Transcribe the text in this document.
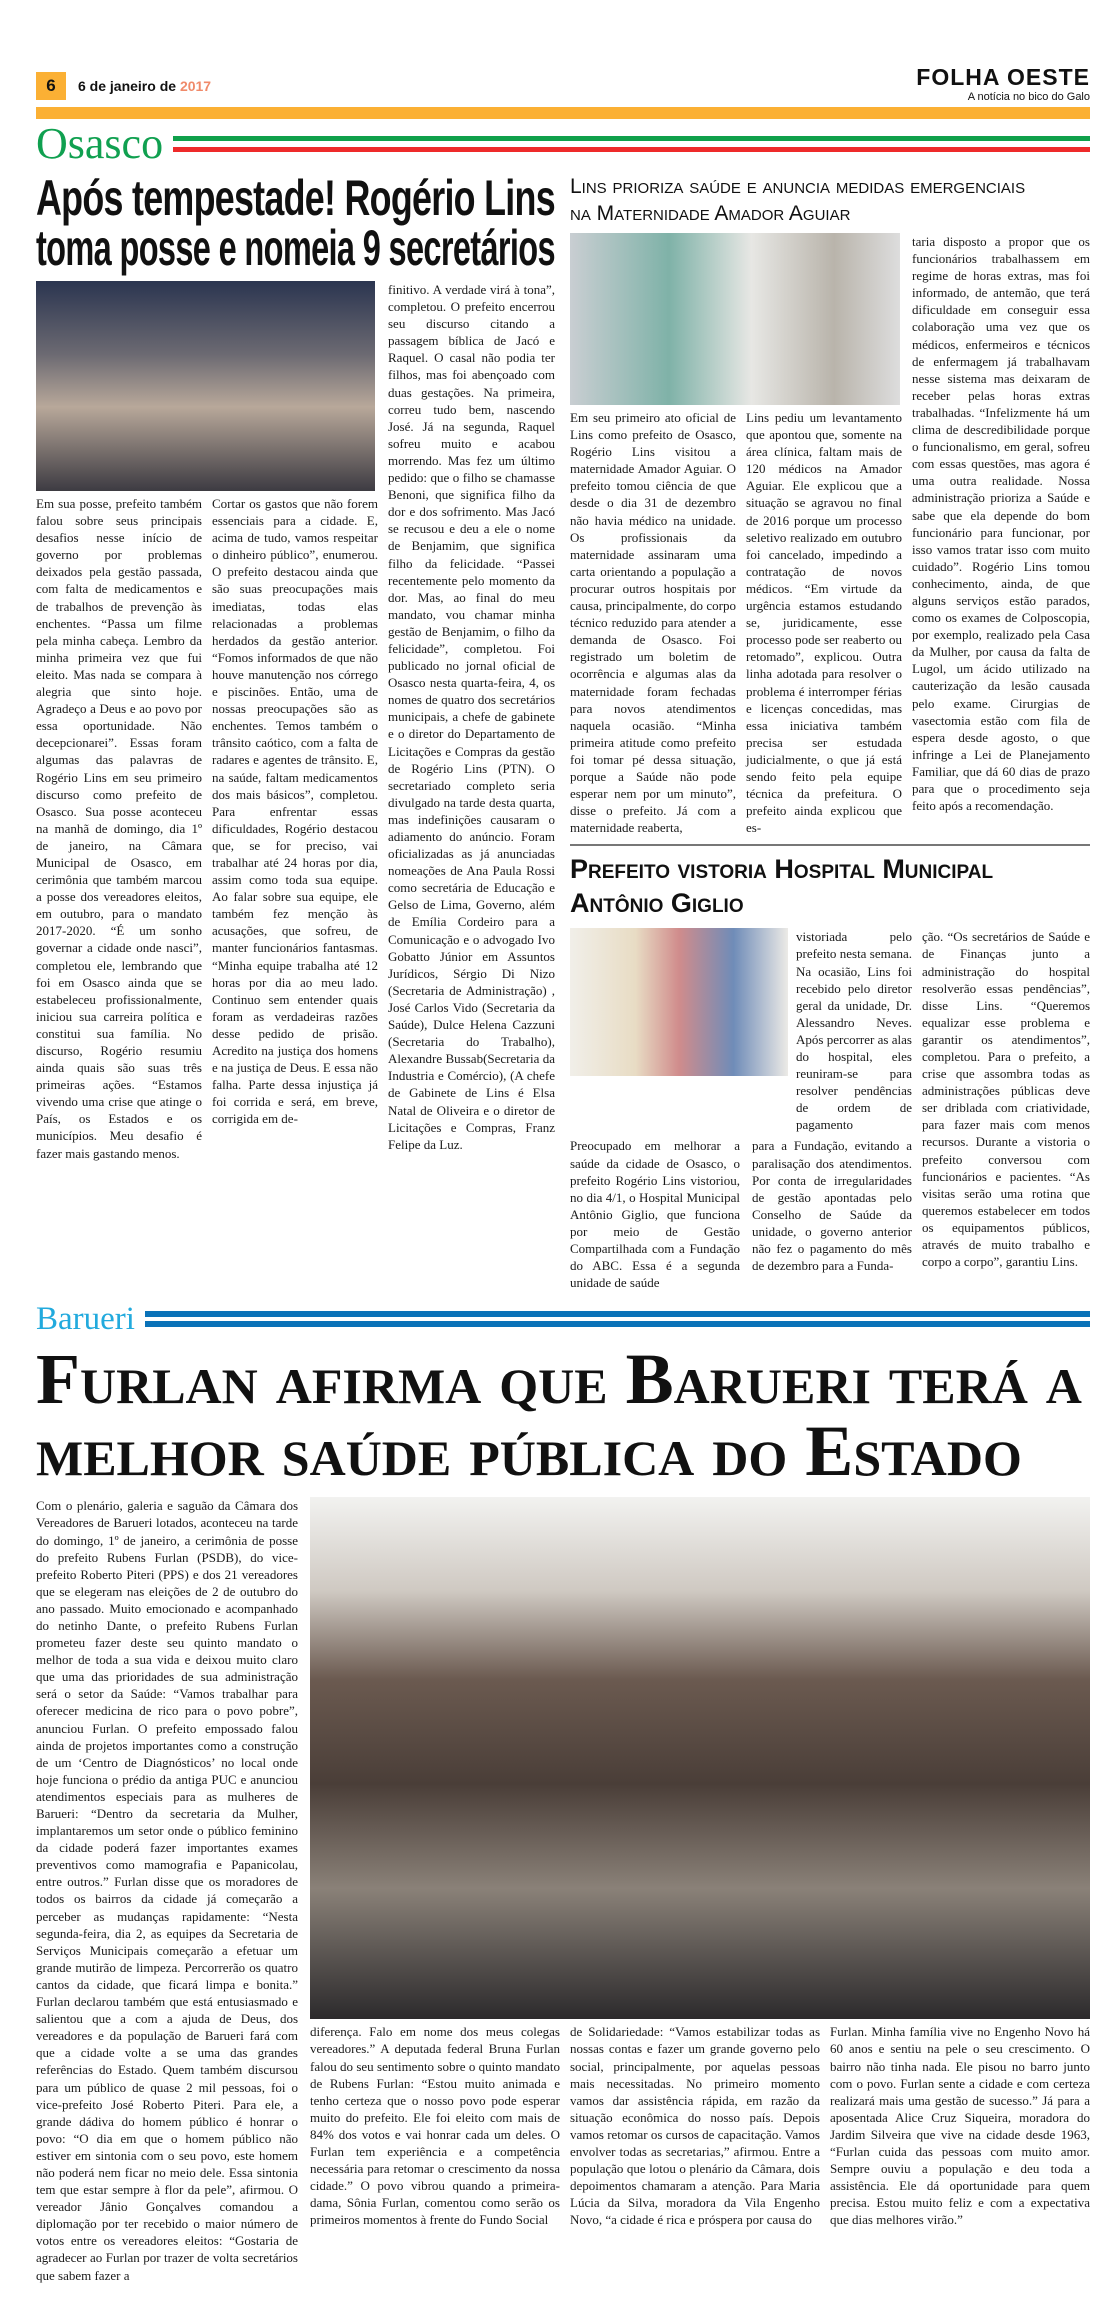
6	6 de janeiro de 2017	FOLHA OESTE
A notícia no bico do Galo
Osasco
Após tempestade! Rogério Lins
toma posse e nomeia 9 secretários
Em sua posse, prefeito também falou sobre seus principais desafios nesse início de governo por problemas deixados pela gestão passada, com falta de medicamentos e de trabalhos de prevenção às enchentes. “Passa um filme pela minha cabeça. Lembro da minha primeira vez que fui eleito. Mas nada se compara à alegria que sinto hoje. Agradeço a Deus e ao povo por essa oportunidade. Não decepcionarei”. Essas foram algumas das palavras de Rogério Lins em seu primeiro discurso como prefeito de Osasco. Sua posse aconteceu na manhã de domingo, dia 1º de janeiro, na Câmara Municipal de Osasco, em cerimônia que também marcou a posse dos vereadores eleitos, em outubro, para o mandato 2017-2020. “É um sonho governar a cidade onde nasci”, completou ele, lembrando que foi em Osasco ainda que se estabeleceu profissionalmente, iniciou sua carreira política e constitui sua família. No discurso, Rogério resumiu ainda quais são suas três primeiras ações. “Estamos vivendo uma crise que atinge o País, os Estados e os municípios. Meu desafio é fazer mais gastando menos.
Cortar os gastos que não forem essenciais para a cidade. E, acima de tudo, vamos respeitar o dinheiro público”, enumerou. O prefeito destacou ainda que são suas preocupações mais imediatas, todas elas relacionadas a problemas herdados da gestão anterior. “Fomos informados de que não houve manutenção nos córrego e piscinões. Então, uma de nossas preocupações são as enchentes. Temos também o trânsito caótico, com a falta de radares e agentes de trânsito. E, na saúde, faltam medicamentos dos mais básicos”, completou. Para enfrentar essas dificuldades, Rogério destacou que, se for preciso, vai trabalhar até 24 horas por dia, assim como toda sua equipe. Ao falar sobre sua equipe, ele também fez menção às acusações, que sofreu, de manter funcionários fantasmas. “Minha equipe trabalha até 12 horas por dia ao meu lado. Continuo sem entender quais foram as verdadeiras razões desse pedido de prisão. Acredito na justiça dos homens e na justiça de Deus. E essa não falha. Parte dessa injustiça já foi corrida e será, em breve, corrigida em de-
finitivo. A verdade virá à tona”, completou. O prefeito encerrou seu discurso citando a passagem bíblica de Jacó e Raquel. O casal não podia ter filhos, mas foi abençoado com duas gestações. Na primeira, correu tudo bem, nascendo José. Já na segunda, Raquel sofreu muito e acabou morrendo. Mas fez um último pedido: que o filho se chamasse Benoni, que significa filho da dor e dos sofrimento. Mas Jacó se recusou e deu a ele o nome de Benjamim, que significa filho da felicidade. “Passei recentemente pelo momento da dor. Mas, ao final do meu mandato, vou chamar minha gestão de Benjamim, o filho da felicidade”, completou. Foi publicado no jornal oficial de Osasco nesta quarta-feira, 4, os nomes de quatro dos secretários municipais, a chefe de gabinete e o diretor do Departamento de Licitações e Compras da gestão de Rogério Lins (PTN). O secretariado completo seria divulgado na tarde desta quarta, mas indefinições causaram o adiamento do anúncio. Foram oficializadas as já anunciadas nomeações de Ana Paula Rossi como secretária de Educação e Gelso de Lima, Governo, além de Emília Cordeiro para a Comunicação e o advogado Ivo Gobatto Júnior em Assuntos Jurídicos, Sérgio Di Nizo (Secretaria de Administração) , José Carlos Vido (Secretaria da Saúde), Dulce Helena Cazzuni (Secretaria do Trabalho), Alexandre Bussab(Secretaria da Industria e Comércio), (A chefe de Gabinete de Lins é Elsa Natal de Oliveira e o diretor de Licitações e Compras, Franz Felipe da Luz.
Lins prioriza saúde e anuncia medidas emergenciais
na Maternidade Amador Aguiar
Em seu primeiro ato oficial de Lins como prefeito de Osasco, Rogério Lins visitou a maternidade Amador Aguiar. O prefeito tomou ciência de que desde o dia 31 de dezembro não havia médico na unidade. Os profissionais da maternidade assinaram uma carta orientando a população a procurar outros hospitais por causa, principalmente, do corpo técnico reduzido para atender a demanda de Osasco. Foi registrado um boletim de ocorrência e algumas alas da maternidade foram fechadas para novos atendimentos naquela ocasião. “Minha primeira atitude como prefeito foi tomar pé dessa situação, porque a Saúde não pode esperar nem por um minuto”, disse o prefeito. Já com a maternidade reaberta,
Lins pediu um levantamento que apontou que, somente na área clínica, faltam mais de 120 médicos na Amador Aguiar. Ele explicou que a situação se agravou no final de 2016 porque um processo seletivo realizado em outubro foi cancelado, impedindo a contratação de novos médicos. “Em virtude da urgência estamos estudando se, juridicamente, esse processo pode ser reaberto ou retomado”, explicou. Outra linha adotada para resolver o problema é interromper férias e licenças concedidas, mas essa iniciativa também precisa ser estudada judicialmente, o que já está sendo feito pela equipe técnica da prefeitura. O prefeito ainda explicou que es-
taria disposto a propor que os funcionários trabalhassem em regime de horas extras, mas foi informado, de antemão, que terá dificuldade em conseguir essa colaboração uma vez que os médicos, enfermeiros e técnicos de enfermagem já trabalhavam nesse sistema mas deixaram de receber pelas horas extras trabalhadas. “Infelizmente há um clima de descredibilidade porque o funcionalismo, em geral, sofreu com essas questões, mas agora é uma outra realidade. Nossa administração prioriza a Saúde e sabe que ela depende do bom funcionário para funcionar, por isso vamos tratar isso com muito cuidado”. Rogério Lins tomou conhecimento, ainda, de que alguns serviços estão parados, como os exames de Colposcopia, por exemplo, realizado pela Casa da Mulher, por causa da falta de Lugol, um ácido utilizado na cauterização da lesão causada pelo exame. Cirurgias de vasectomia estão com fila de espera desde agosto, o que infringe a Lei de Planejamento Familiar, que dá 60 dias de prazo para que o procedimento seja feito após a recomendação.
Prefeito vistoria Hospital Municipal
Antônio Giglio
vistoriada pelo prefeito nesta semana. Na ocasião, Lins foi recebido pelo diretor geral da unidade, Dr. Alessandro Neves. Após percorrer as alas do hospital, eles reuniram-se para resolver pendências de ordem de pagamento
Preocupado em melhorar a saúde da cidade de Osasco, o prefeito Rogério Lins vistoriou, no dia 4/1, o Hospital Municipal Antônio Giglio, que funciona por meio de Gestão Compartilhada com a Fundação do ABC. Essa é a segunda unidade de saúde
para a Fundação, evitando a paralisação dos atendimentos. Por conta de irregularidades de gestão apontadas pelo Conselho de Saúde da unidade, o governo anterior não fez o pagamento do mês de dezembro para a Funda-
ção. “Os secretários de Saúde e de Finanças junto a administração do hospital resolverão essas pendências”, disse Lins. “Queremos equalizar esse problema e garantir os atendimentos”, completou. Para o prefeito, a crise que assombra todas as administrações públicas deve ser driblada com criatividade, para fazer mais com menos recursos. Durante a vistoria o prefeito conversou com funcionários e pacientes. “As visitas serão uma rotina que queremos estabelecer em todos os equipamentos públicos, através de muito trabalho e corpo a corpo”, garantiu Lins.
Barueri
Furlan afirma que Barueri terá a
melhor saúde pública do Estado
Com o plenário, galeria e saguão da Câmara dos Vereadores de Barueri lotados, aconteceu na tarde do domingo, 1º de janeiro, a cerimônia de posse do prefeito Rubens Furlan (PSDB), do vice-prefeito Roberto Piteri (PPS) e dos 21 vereadores que se elegeram nas eleições de 2 de outubro do ano passado. Muito emocionado e acompanhado do netinho Dante, o prefeito Rubens Furlan prometeu fazer deste seu quinto mandato o melhor de toda a sua vida e deixou muito claro que uma das prioridades de sua administração será o setor da Saúde: “Vamos trabalhar para oferecer medicina de rico para o povo pobre”, anunciou Furlan. O prefeito empossado falou ainda de projetos importantes como a construção de um ‘Centro de Diagnósticos’ no local onde hoje funciona o prédio da antiga PUC e anunciou atendimentos especiais para as mulheres de Barueri: “Dentro da secretaria da Mulher, implantaremos um setor onde o público feminino da cidade poderá fazer importantes exames preventivos como mamografia e Papanicolau, entre outros.” Furlan disse que os moradores de todos os bairros da cidade já começarão a perceber as mudanças rapidamente: “Nesta segunda-feira, dia 2, as equipes da Secretaria de Serviços Municipais começarão a efetuar um grande mutirão de limpeza. Percorrerão os quatro cantos da cidade, que ficará limpa e bonita.” Furlan declarou também que está entusiasmado e salientou que a com a ajuda de Deus, dos vereadores e da população de Barueri fará com que a cidade volte a se uma das grandes referências do Estado. Quem também discursou para um público de quase 2 mil pessoas, foi o vice-prefeito José Roberto Piteri. Para ele, a grande dádiva do homem público é honrar o povo: “O dia em que o homem público não estiver em sintonia com o seu povo, este homem não poderá nem ficar no meio dele. Essa sintonia tem que estar sempre à flor da pele”, afirmou. O vereador Jânio Gonçalves comandou a diplomação por ter recebido o maior número de votos entre os vereadores eleitos: “Gostaria de agradecer ao Furlan por trazer de volta secretários que sabem fazer a
diferença. Falo em nome dos meus colegas vereadores.” A deputada federal Bruna Furlan falou do seu sentimento sobre o quinto mandato de Rubens Furlan: “Estou muito animada e tenho certeza que o nosso povo pode esperar muito do prefeito. Ele foi eleito com mais de 84% dos votos e vai honrar cada um deles. O Furlan tem experiência e a competência necessária para retomar o crescimento da nossa cidade.” O povo vibrou quando a primeira-dama, Sônia Furlan, comentou como serão os primeiros momentos à frente do Fundo Social
de Solidariedade: “Vamos estabilizar todas as nossas contas e fazer um grande governo pelo social, principalmente, por aquelas pessoas mais necessitadas. No primeiro momento vamos dar assistência rápida, em razão da situação econômica do nosso país. Depois vamos retomar os cursos de capacitação. Vamos envolver todas as secretarias,” afirmou. Entre a população que lotou o plenário da Câmara, dois depoimentos chamaram a atenção. Para Maria Lúcia da Silva, moradora da Vila Engenho Novo, “a cidade é rica e próspera por causa do
Furlan. Minha família vive no Engenho Novo há 60 anos e sentiu na pele o seu crescimento. O bairro não tinha nada. Ele pisou no barro junto com o povo. Furlan sente a cidade e com certeza realizará mais uma gestão de sucesso.” Já para a aposentada Alice Cruz Siqueira, moradora do Jardim Silveira que vive na cidade desde 1963, “Furlan cuida das pessoas com muito amor. Sempre ouviu a população e deu toda a assistência. Ele dá oportunidade para quem precisa. Estou muito feliz e com a expectativa que dias melhores virão.”
